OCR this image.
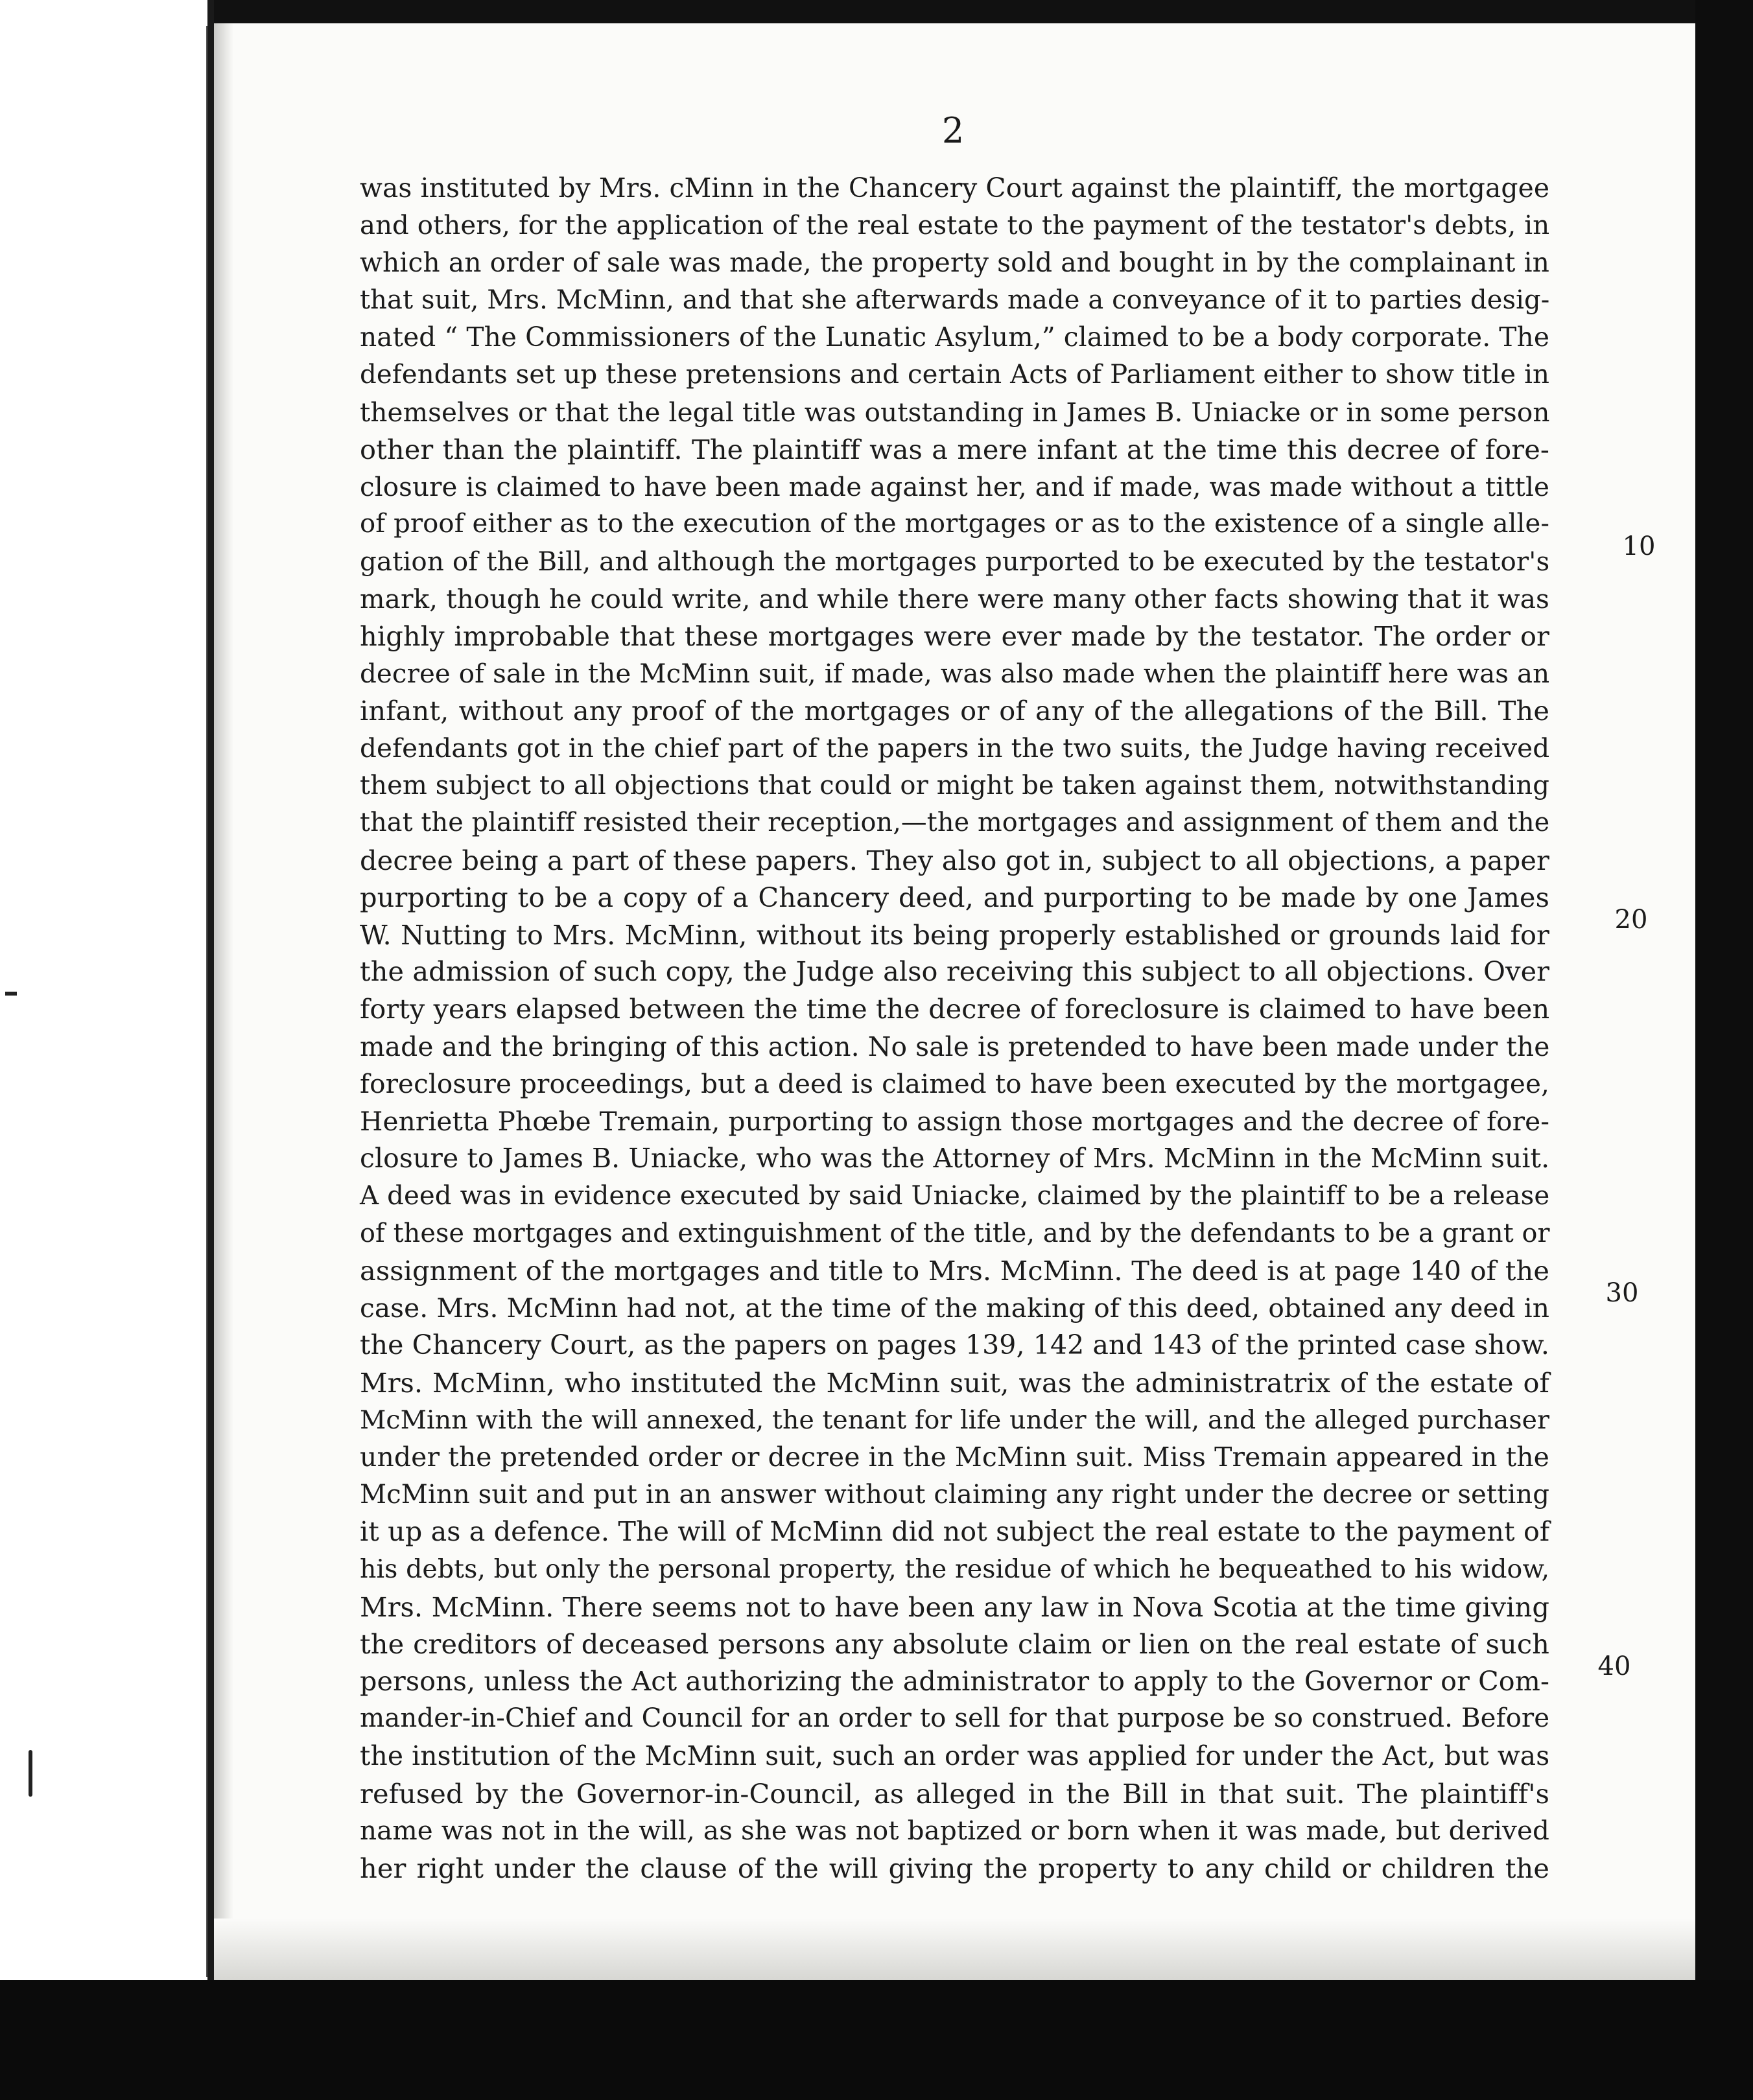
2
was instituted by Mrs. cMinn in the Chancery Court against the plaintiff, the mortgagee
and others, for the application of the real estate to the payment of the testator's debts, in
which an order of sale was made, the property sold and bought in by the complainant in
that suit, Mrs. McMinn, and that she afterwards made a conveyance of it to parties desig-
nated “ The Commissioners of the Lunatic Asylum,” claimed to be a body corporate. The
defendants set up these pretensions and certain Acts of Parliament either to show title in
themselves or that the legal title was outstanding in James B. Uniacke or in some person
other than the plaintiff. The plaintiff was a mere infant at the time this decree of fore-
closure is claimed to have been made against her, and if made, was made without a tittle
of proof either as to the execution of the mortgages or as to the existence of a single alle-
gation of the Bill, and although the mortgages purported to be executed by the testator's
mark, though he could write, and while there were many other facts showing that it was
highly improbable that these mortgages were ever made by the testator. The order or
decree of sale in the McMinn suit, if made, was also made when the plaintiff here was an
infant, without any proof of the mortgages or of any of the allegations of the Bill. The
defendants got in the chief part of the papers in the two suits, the Judge having received
them subject to all objections that could or might be taken against them, notwithstanding
that the plaintiff resisted their reception,—the mortgages and assignment of them and the
decree being a part of these papers. They also got in, subject to all objections, a paper
purporting to be a copy of a Chancery deed, and purporting to be made by one James
W. Nutting to Mrs. McMinn, without its being properly established or grounds laid for
the admission of such copy, the Judge also receiving this subject to all objections. Over
forty years elapsed between the time the decree of foreclosure is claimed to have been
made and the bringing of this action. No sale is pretended to have been made under the
foreclosure proceedings, but a deed is claimed to have been executed by the mortgagee,
Henrietta Phœbe Tremain, purporting to assign those mortgages and the decree of fore-
closure to James B. Uniacke, who was the Attorney of Mrs. McMinn in the McMinn suit.
A deed was in evidence executed by said Uniacke, claimed by the plaintiff to be a release
of these mortgages and extinguishment of the title, and by the defendants to be a grant or
assignment of the mortgages and title to Mrs. McMinn. The deed is at page 140 of the
case. Mrs. McMinn had not, at the time of the making of this deed, obtained any deed in
the Chancery Court, as the papers on pages 139, 142 and 143 of the printed case show.
Mrs. McMinn, who instituted the McMinn suit, was the administratrix of the estate of
McMinn with the will annexed, the tenant for life under the will, and the alleged purchaser
under the pretended order or decree in the McMinn suit. Miss Tremain appeared in the
McMinn suit and put in an answer without claiming any right under the decree or setting
it up as a defence. The will of McMinn did not subject the real estate to the payment of
his debts, but only the personal property, the residue of which he bequeathed to his widow,
Mrs. McMinn. There seems not to have been any law in Nova Scotia at the time giving
the creditors of deceased persons any absolute claim or lien on the real estate of such
persons, unless the Act authorizing the administrator to apply to the Governor or Com-
mander-in-Chief and Council for an order to sell for that purpose be so construed. Before
the institution of the McMinn suit, such an order was applied for under the Act, but was
refused by the Governor-in-Council, as alleged in the Bill in that suit. The plaintiff's
name was not in the will, as she was not baptized or born when it was made, but derived
her right under the clause of the will giving the property to any child or children the
10
20
30
40
